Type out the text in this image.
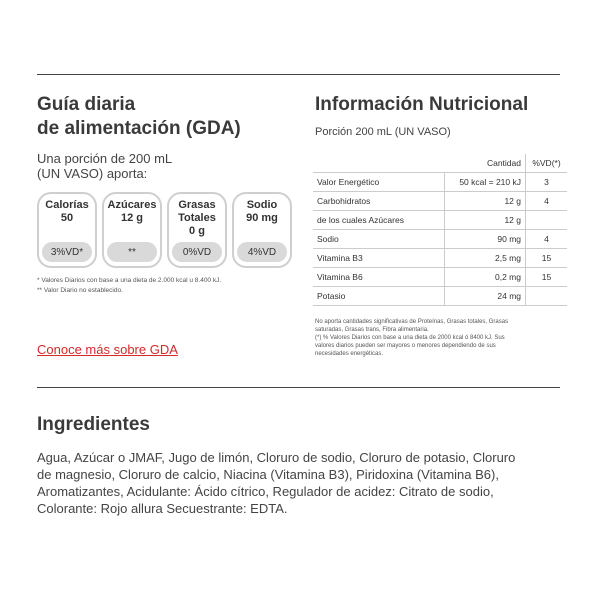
Guía diaria
de alimentación (GDA)
Una porción de 200 mL
(UN VASO) aporta:
Calorías
50
3%VD*
Azúcares
12 g
**
Grasas
Totales
0 g
0%VD
Sodio
90 mg
4%VD
* Valores Diarios con base a una dieta de 2.000 kcal u 8.400 kJ.
** Valor Diario no establecido.
Conoce más sobre GDA
Información Nutricional
Porción 200 mL (UN VASO)
	Cantidad	%VD(*)
Valor Energético	50 kcal = 210 kJ	3
Carbohidratos	12 g	4
de los cuales Azúcares	12 g	
Sodio	90 mg	4
Vitamina B3	2,5 mg	15
Vitamina B6	0,2 mg	15
Potasio	24 mg	
No aporta cantidades significativas de Proteínas, Grasas totales, Grasas
saturadas, Grasas trans, Fibra alimentaria.
(*) % Valores Diarios con base a una dieta de 2000 kcal ó 8400 kJ. Sus
valores diarios pueden ser mayores o menores dependiendo de sus
necesidades energéticas.
Ingredientes
Agua, Azúcar o JMAF, Jugo de limón, Cloruro de sodio, Cloruro de potasio, Cloruro
de magnesio, Cloruro de calcio, Niacina (Vitamina B3), Piridoxina (Vitamina B6),
Aromatizantes, Acidulante: Ácido cítrico, Regulador de acidez: Citrato de sodio,
Colorante: Rojo allura Secuestrante: EDTA.
